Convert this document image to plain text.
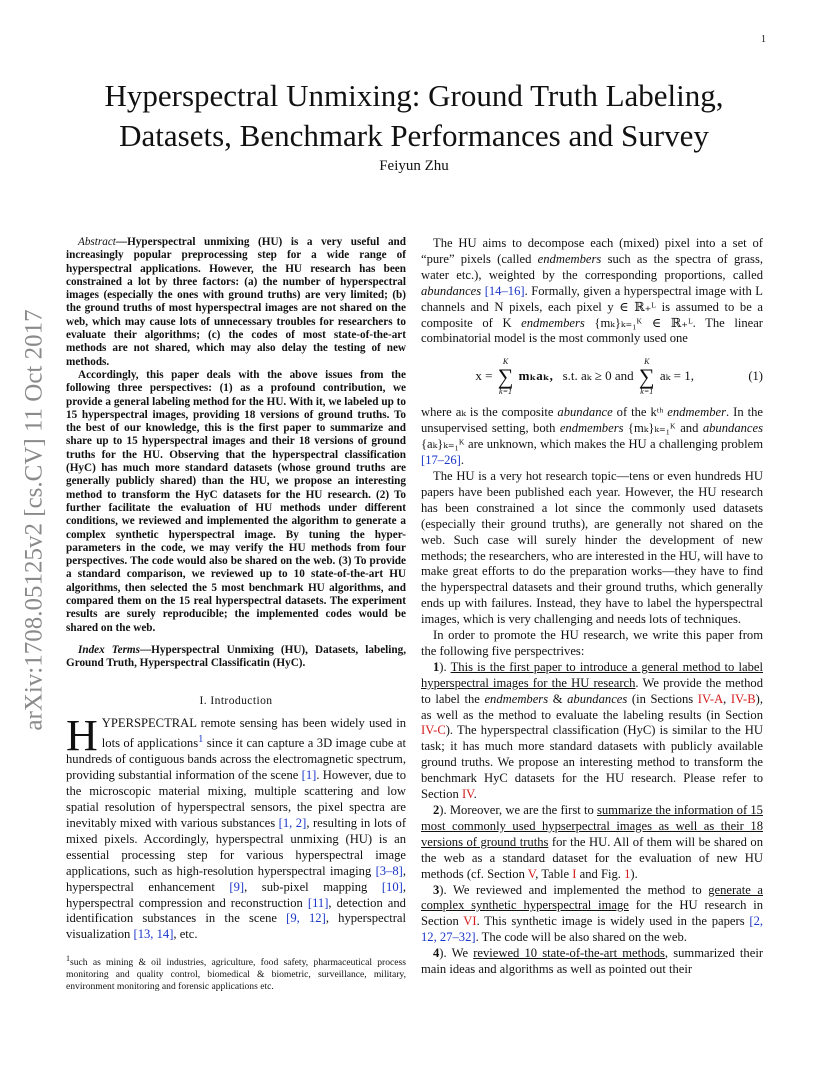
1
arXiv:1708.05125v2 [cs.CV] 11 Oct 2017
Hyperspectral Unmixing: Ground Truth Labeling,
Datasets, Benchmark Performances and Survey
Feiyun Zhu

Abstract—Hyperspectral unmixing (HU) is a very useful and increasingly popular preprocessing step for a wide range of hyperspectral applications. However, the HU research has been constrained a lot by three factors: (a) the number of hyperspectral images (especially the ones with ground truths) are very limited; (b) the ground truths of most hyperspectral images are not shared on the web, which may cause lots of unnecessary troubles for researchers to evaluate their algorithms; (c) the codes of most state-of-the-art methods are not shared, which may also delay the testing of new methods.

Accordingly, this paper deals with the above issues from the following three perspectives: (1) as a profound contribution, we provide a general labeling method for the HU. With it, we labeled up to 15 hyperspectral images, providing 18 versions of ground truths. To the best of our knowledge, this is the first paper to summarize and share up to 15 hyperspectral images and their 18 versions of ground truths for the HU. Observing that the hyperspectral classification (HyC) has much more standard datasets (whose ground truths are generally publicly shared) than the HU, we propose an interesting method to transform the HyC datasets for the HU research. (2) To further facilitate the evaluation of HU methods under different conditions, we reviewed and implemented the algorithm to generate a complex synthetic hyperspectral image. By tuning the hyper-parameters in the code, we may verify the HU methods from four perspectives. The code would also be shared on the web. (3) To provide a standard comparison, we reviewed up to 10 state-of-the-art HU algorithms, then selected the 5 most benchmark HU algorithms, and compared them on the 15 real hyperspectral datasets. The experiment results are surely reproducible; the implemented codes would be shared on the web.

Index Terms—Hyperspectral Unmixing (HU), Datasets, labeling, Ground Truth, Hyperspectral Classificatin (HyC).
I. Introduction

HYPERSPECTRAL remote sensing has been widely used in lots of applications$^1$ since it can capture a 3D image cube at hundreds of contiguous bands across the electromagnetic spectrum, providing substantial information of the scene [1]. However, due to the microscopic material mixing, multiple scattering and low spatial resolution of hyperspectral sensors, the pixel spectra are inevitably mixed with various substances [1, 2], resulting in lots of mixed pixels. Accordingly, hyperspectral unmixing (HU) is an essential processing step for various hyperspectral image applications, such as high-resolution hyperspectral imaging [3–8], hyperspectral enhancement [9], sub-pixel mapping [10], hyperspectral compression and reconstruction [11], detection and identification substances in the scene [9, 12], hyperspectral visualization [13, 14], etc.

$^1$such as mining & oil industries, agriculture, food safety, pharmaceutical process monitoring and quality control, biomedical & biometric, surveillance, military, environment monitoring and forensic applications etc.

The HU aims to decompose each (mixed) pixel into a set of “pure” pixels (called endmembers such as the spectra of grass, water etc.), weighted by the corresponding proportions, called abundances [14–16]. Formally, given a hyperspectral image with L channels and N pixels, each pixel y ∈ ℝ₊ᴸ is assumed to be a composite of K endmembers {mₖ}ₖ₌₁ᴷ ∈ ℝ₊ᴸ. The linear combinatorial model is the most commonly used one

x =
K
∑
k=1
mₖaₖ, s.t. aₖ ≥ 0 and
K
∑
k=1
aₖ = 1,	(1)

where aₖ is the composite abundance of the kᵗʰ endmember. In the unsupervised setting, both endmembers {mₖ}ₖ₌₁ᴷ and abundances {aₖ}ₖ₌₁ᴷ are unknown, which makes the HU a challenging problem [17–26].

The HU is a very hot research topic—tens or even hundreds HU papers have been published each year. However, the HU research has been constrained a lot since the commonly used datasets (especially their ground truths), are generally not shared on the web. Such case will surely hinder the development of new methods; the researchers, who are interested in the HU, will have to make great efforts to do the preparation works—they have to find the hyperspectral datasets and their ground truths, which generally ends up with failures. Instead, they have to label the hyperspectral images, which is very challenging and needs lots of techniques.

In order to promote the HU research, we write this paper from the following five perspectrives:

1). This is the first paper to introduce a general method to label hyperspectral images for the HU research. We provide the method to label the endmembers & abundances (in Sections IV-A, IV-B), as well as the method to evaluate the labeling results (in Section IV-C). The hyperspectral classification (HyC) is similar to the HU task; it has much more standard datasets with publicly available ground truths. We propose an interesting method to transform the benchmark HyC datasets for the HU research. Please refer to Section IV.

2). Moreover, we are the first to summarize the information of 15 most commonly used hypserpectral images as well as their 18 versions of ground truths for the HU. All of them will be shared on the web as a standard dataset for the evaluation of new HU methods (cf. Section V, Table I and Fig. 1).

3). We reviewed and implemented the method to generate a complex synthetic hyperspectral image for the HU research in Section VI. This synthetic image is widely used in the papers [2, 12, 27–32]. The code will be also shared on the web.

4). We reviewed 10 state-of-the-art methods, summarized their main ideas and algorithms as well as pointed out their
